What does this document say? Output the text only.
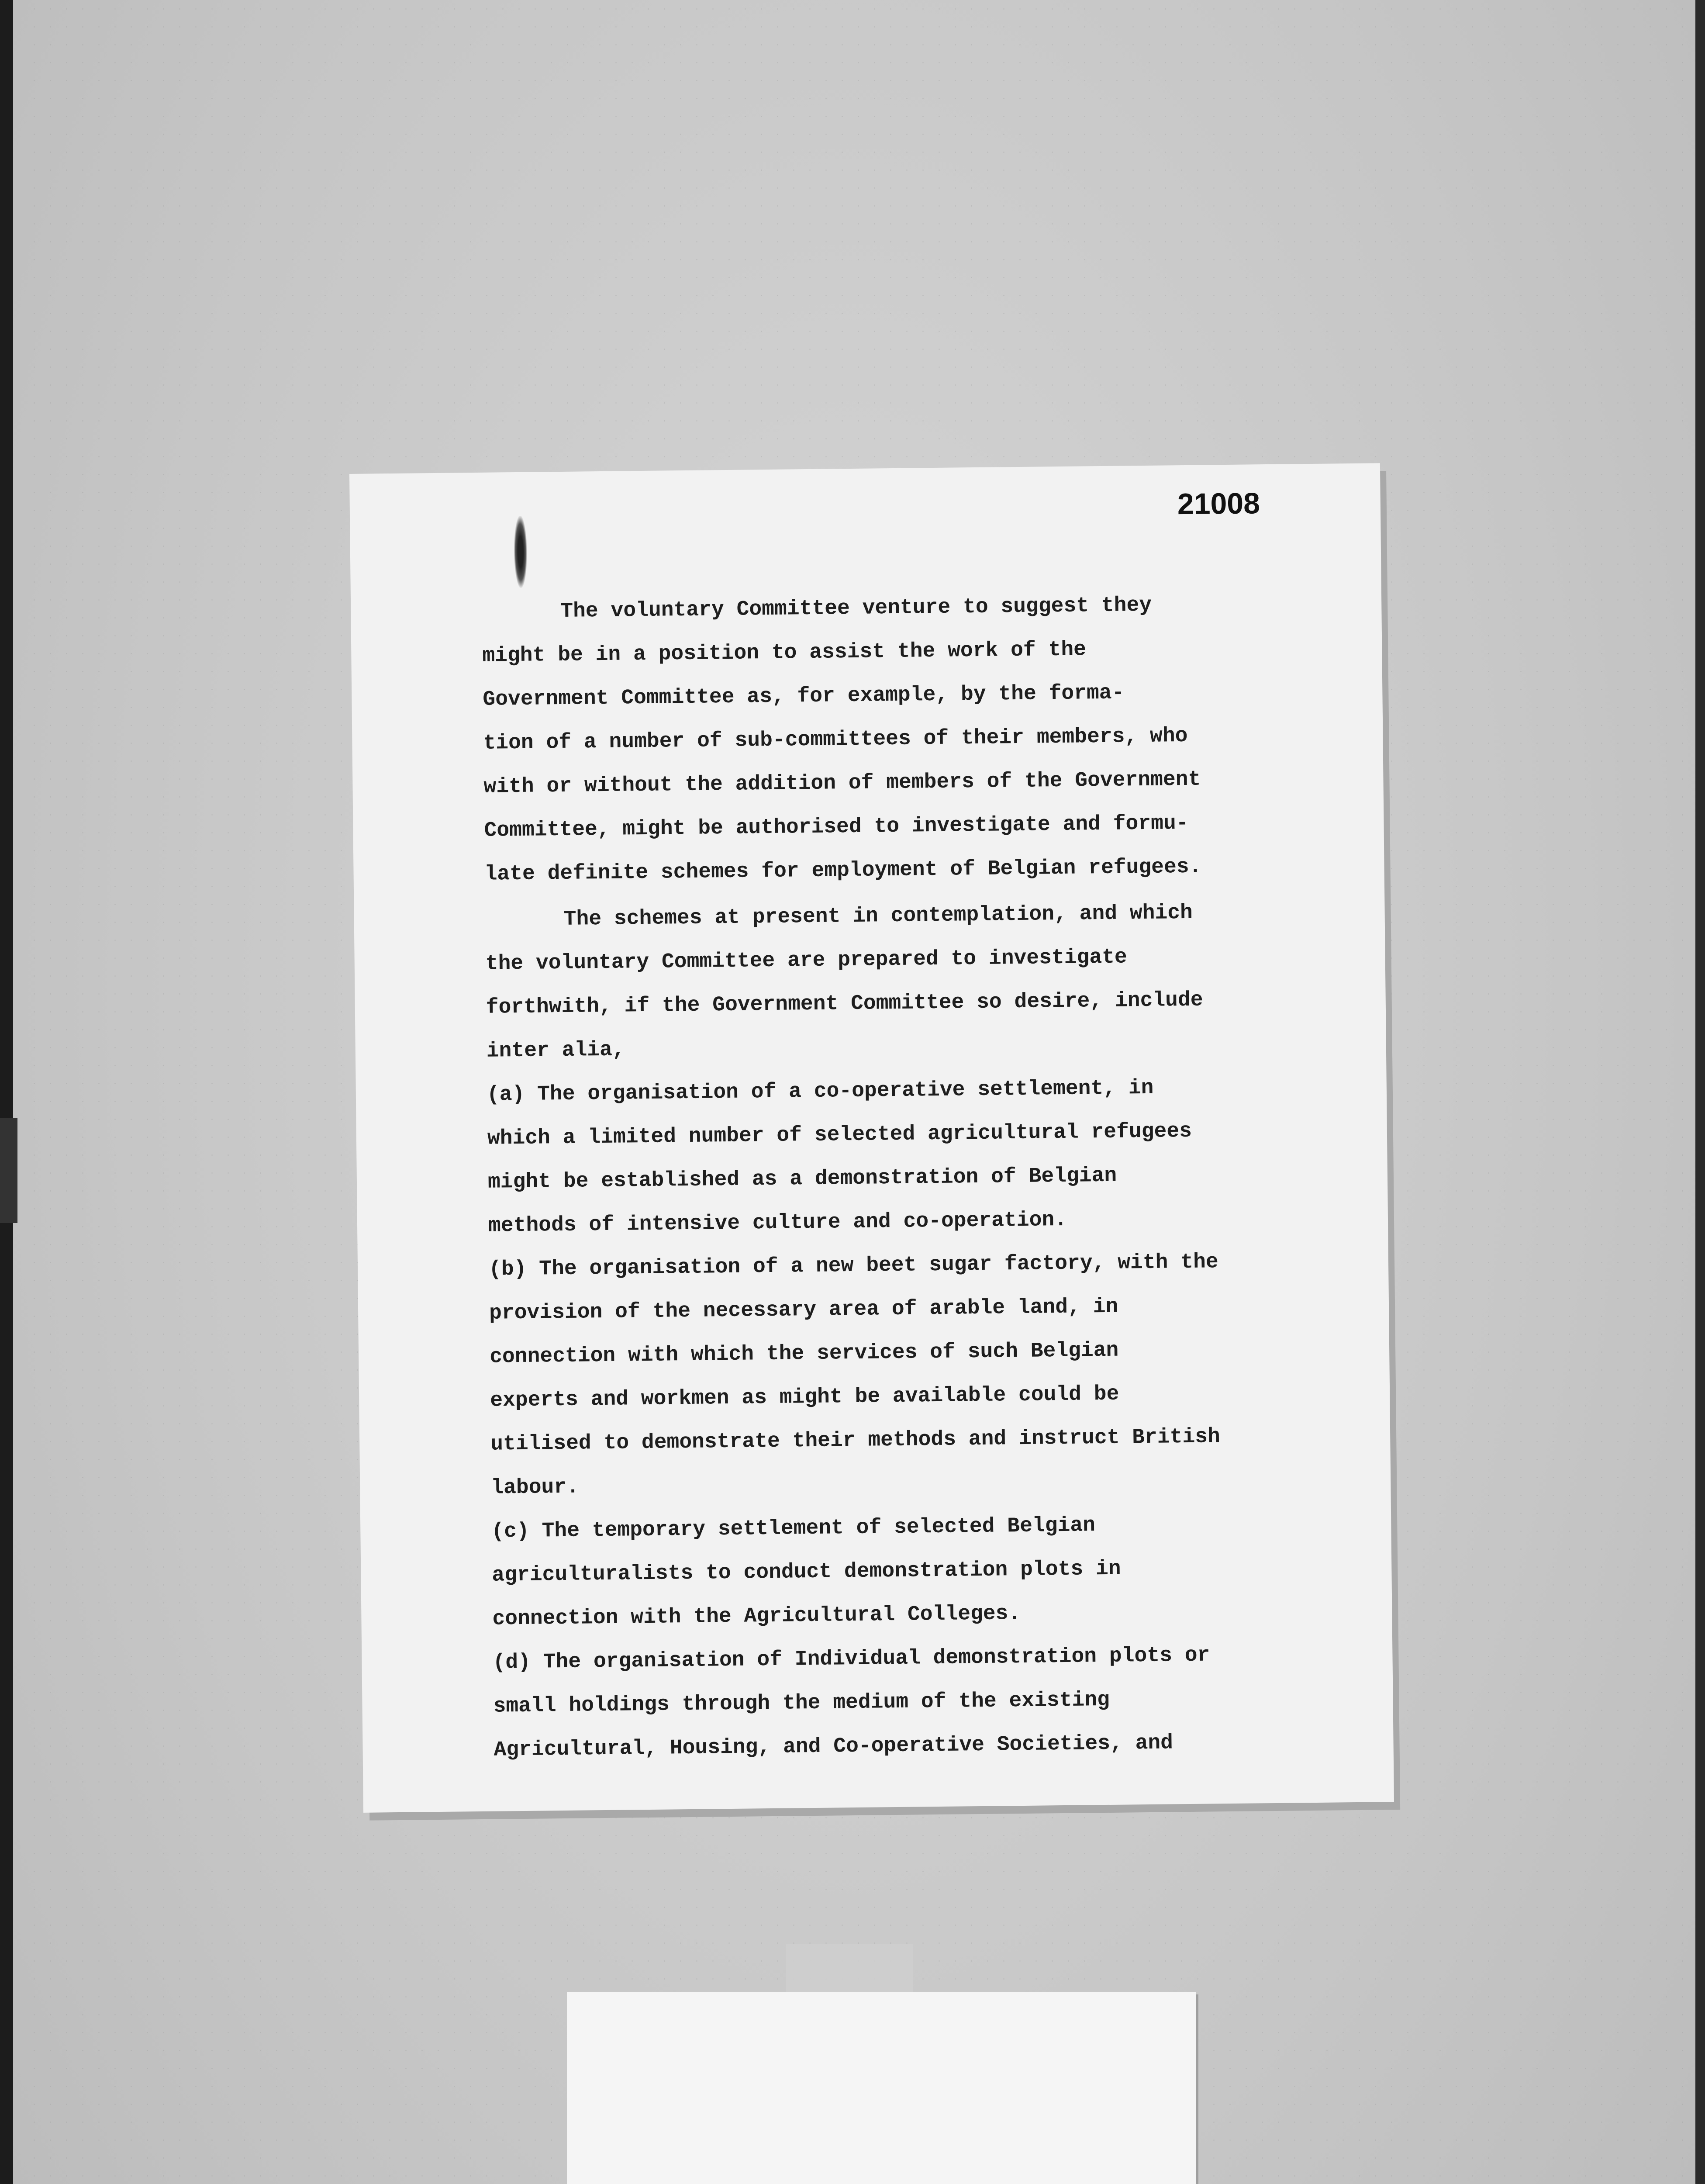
21008
The voluntary Committee venture to suggest they
might be in a position to assist the work of the
Government Committee as, for example, by the forma-
tion of a number of sub-committees of their members, who
with or without the addition of members of the Government
Committee, might be authorised to investigate and formu-
late definite schemes for employment of Belgian refugees.
The schemes at present in contemplation, and which
the voluntary Committee are prepared to investigate
forthwith, if the Government Committee so desire, include
inter alia,
(a) The organisation of a co-operative settlement, in
which a limited number of selected agricultural refugees
might be established as a demonstration of Belgian
methods of intensive culture and co-operation.
(b) The organisation of a new beet sugar factory, with the
provision of the necessary area of arable land, in
connection with which the services of such Belgian
experts and workmen as might be available could be
utilised to demonstrate their methods and instruct British
labour.
(c) The temporary settlement of selected Belgian
agriculturalists to conduct demonstration plots in
connection with the Agricultural Colleges.
(d) The organisation of Individual demonstration plots or
small holdings through the medium of the existing
Agricultural, Housing, and Co-operative Societies, and
